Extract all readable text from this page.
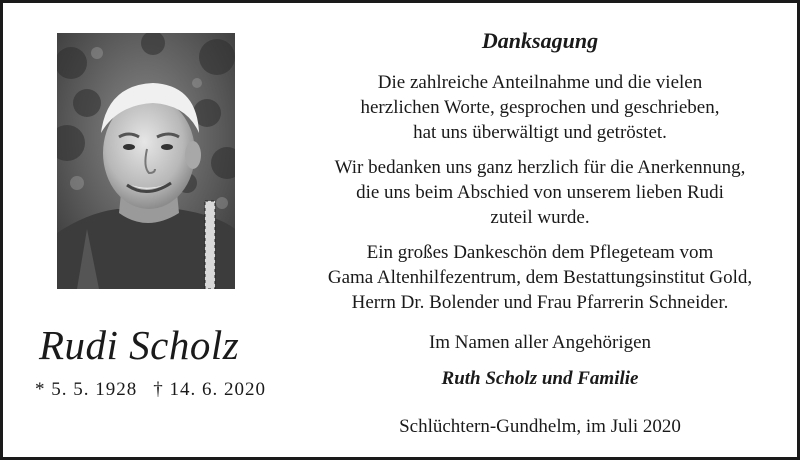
Rudi Scholz
* 5. 5. 1928 † 14. 6. 2020
Danksagung
Die zahlreiche Anteilnahme und die vielen
herzlichen Worte, gesprochen und geschrieben,
hat uns überwältigt und getröstet.
Wir bedanken uns ganz herzlich für die Anerkennung,
die uns beim Abschied von unserem lieben Rudi
zuteil wurde.
Ein großes Dankeschön dem Pflegeteam vom
Gama Altenhilfezentrum, dem Bestattungsinstitut Gold,
Herrn Dr. Bolender und Frau Pfarrerin Schneider.
Im Namen aller Angehörigen
Ruth Scholz und Familie
Schlüchtern-Gundhelm, im Juli 2020
